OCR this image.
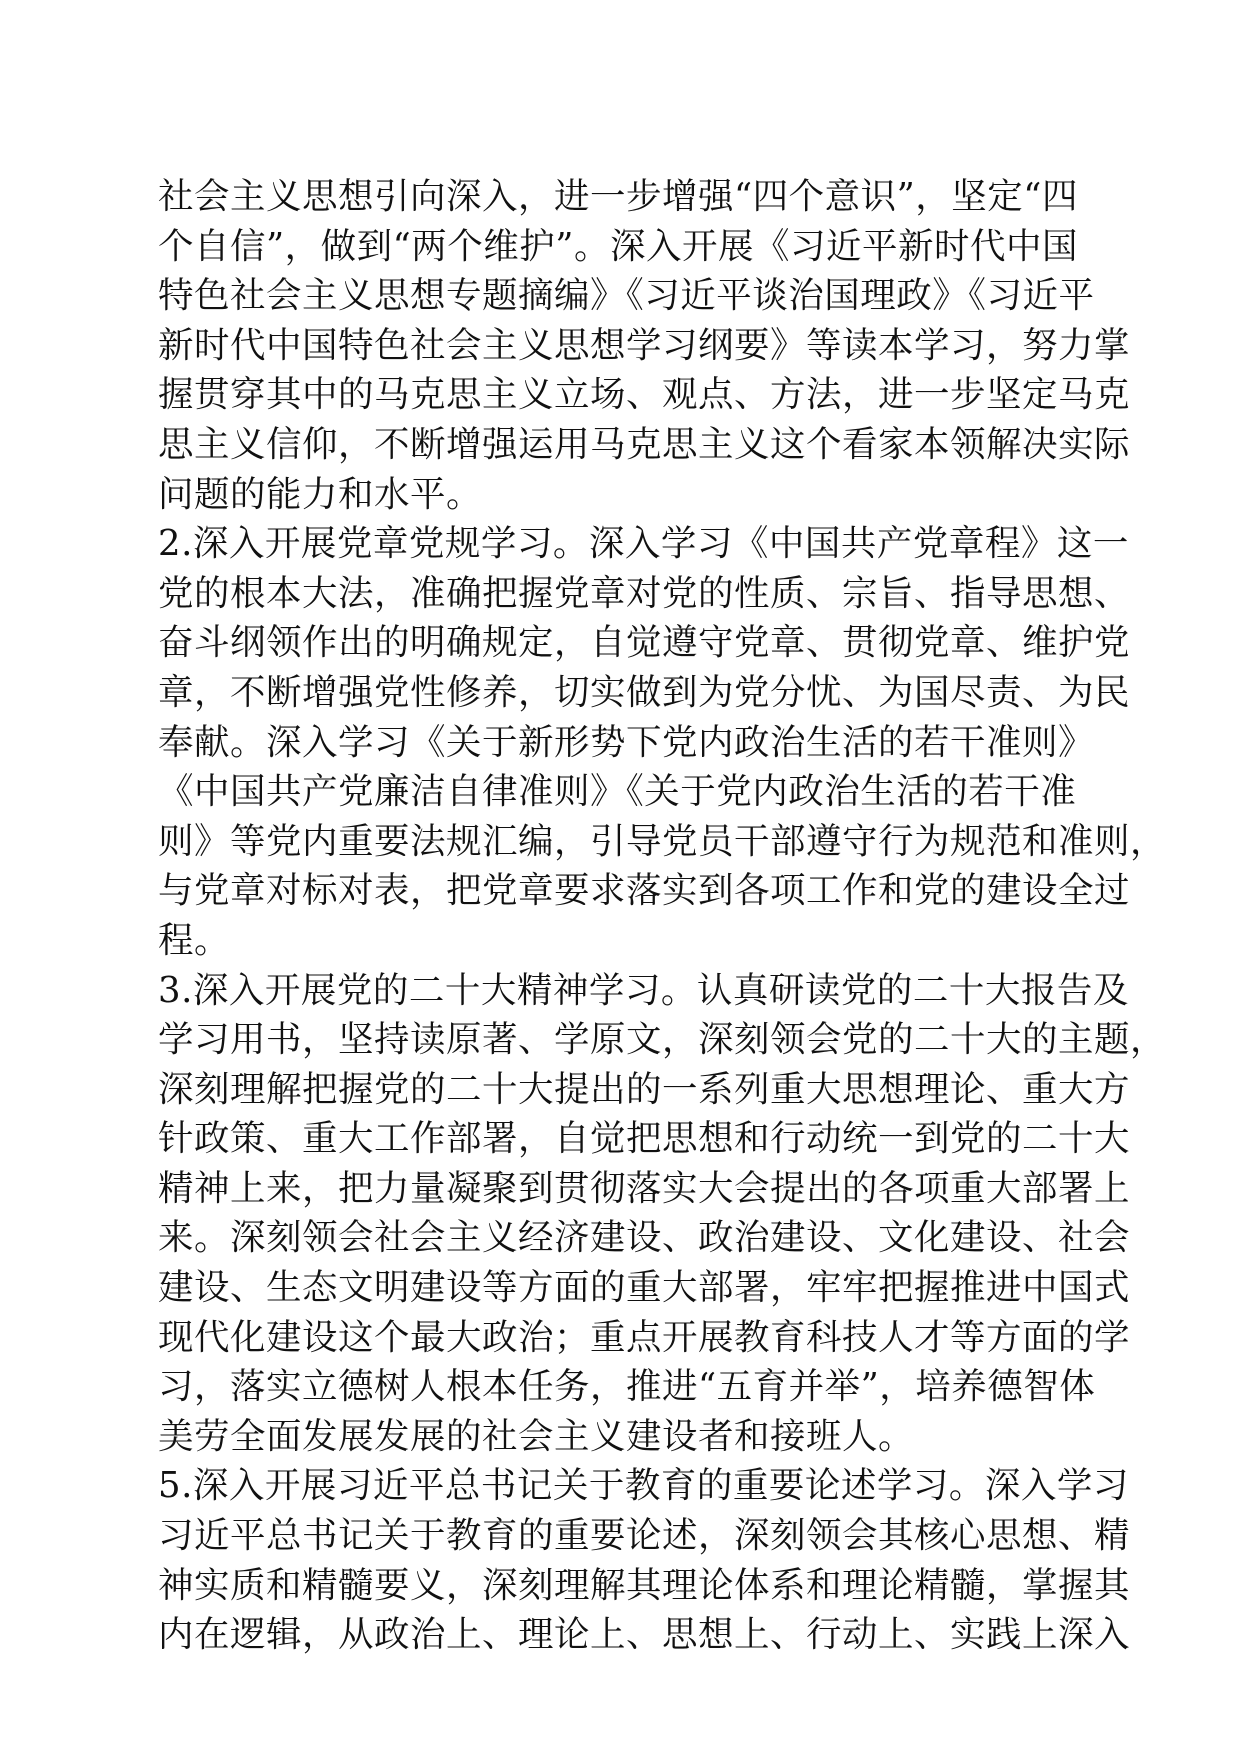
社会主义思想引向深入，进一步增强“四个意识”，坚定“四
个自信”，做到“两个维护”。深入开展《习近平新时代中国
特色社会主义思想专题摘编》《习近平谈治国理政》《习近平
新时代中国特色社会主义思想学习纲要》等读本学习，努力掌
握贯穿其中的马克思主义立场、观点、方法，进一步坚定马克
思主义信仰，不断增强运用马克思主义这个看家本领解决实际
问题的能力和水平。
2.深入开展党章党规学习。深入学习《中国共产党章程》这一
党的根本大法，准确把握党章对党的性质、宗旨、指导思想、
奋斗纲领作出的明确规定，自觉遵守党章、贯彻党章、维护党
章，不断增强党性修养，切实做到为党分忧、为国尽责、为民
奉献。深入学习《关于新形势下党内政治生活的若干准则》
《中国共产党廉洁自律准则》《关于党内政治生活的若干准
则》等党内重要法规汇编，引导党员干部遵守行为规范和准则，
与党章对标对表，把党章要求落实到各项工作和党的建设全过
程。
3.深入开展党的二十大精神学习。认真研读党的二十大报告及
学习用书，坚持读原著、学原文，深刻领会党的二十大的主题，
深刻理解把握党的二十大提出的一系列重大思想理论、重大方
针政策、重大工作部署，自觉把思想和行动统一到党的二十大
精神上来，把力量凝聚到贯彻落实大会提出的各项重大部署上
来。深刻领会社会主义经济建设、政治建设、文化建设、社会
建设、生态文明建设等方面的重大部署，牢牢把握推进中国式
现代化建设这个最大政治；重点开展教育科技人才等方面的学
习，落实立德树人根本任务，推进“五育并举”，培养德智体
美劳全面发展发展的社会主义建设者和接班人。
5.深入开展习近平总书记关于教育的重要论述学习。深入学习
习近平总书记关于教育的重要论述，深刻领会其核心思想、精
神实质和精髓要义，深刻理解其理论体系和理论精髓，掌握其
内在逻辑，从政治上、理论上、思想上、行动上、实践上深入
